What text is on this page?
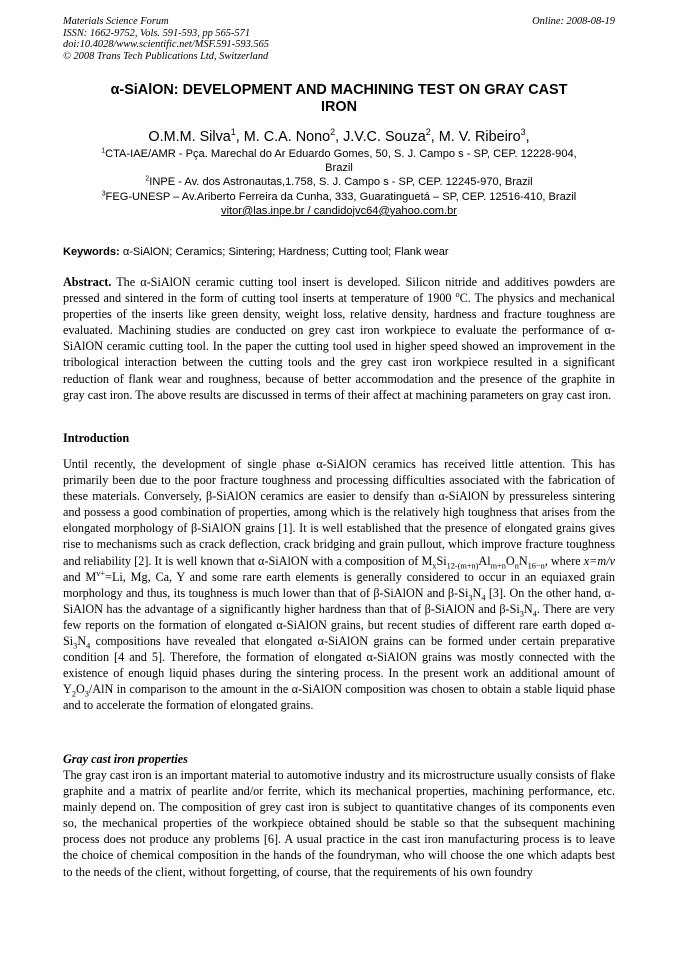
Materials Science Forum
ISSN: 1662-9752, Vols. 591-593, pp 565-571
doi:10.4028/www.scientific.net/MSF.591-593.565
© 2008 Trans Tech Publications Ltd, Switzerland
Online: 2008-08-19
α-SiAlON: DEVELOPMENT AND MACHINING TEST ON GRAY CAST
IRON
O.M.M. Silva$^1$, M. C.A. Nono$^2$, J.V.C. Souza$^2$, M. V. Ribeiro$^3$,
$^1$CTA-IAE/AMR - Pça. Marechal do Ar Eduardo Gomes, 50, S. J. Campo s - SP, CEP. 12228-904,
Brazil
$^2$INPE - Av. dos Astronautas,1.758, S. J. Campo s - SP, CEP. 12245-970, Brazil
$^3$FEG-UNESP – Av.Ariberto Ferreira da Cunha, 333, Guaratinguetá – SP, CEP. 12516-410, Brazil
vitor@las.inpe.br / candidojvc64@yahoo.com.br
Keywords: α-SiAlON; Ceramics; Sintering; Hardness; Cutting tool; Flank wear
Abstract. The α-SiAlON ceramic cutting tool insert is developed. Silicon nitride and additives powders are pressed and sintered in the form of cutting tool inserts at temperature of 1900 $^o$C. The physics and mechanical properties of the inserts like green density, weight loss, relative density, hardness and fracture toughness are evaluated. Machining studies are conducted on grey cast iron workpiece to evaluate the performance of α-SiAlON ceramic cutting tool. In the paper the cutting tool used in higher speed showed an improvement in the tribological interaction between the cutting tools and the grey cast iron workpiece resulted in a significant reduction of flank wear and roughness, because of better accommodation and the presence of the graphite in gray cast iron. The above results are discussed in terms of their affect at machining parameters on gray cast iron.
Introduction
Until recently, the development of single phase α-SiAlON ceramics has received little attention. This has primarily been due to the poor fracture toughness and processing difficulties associated with the fabrication of these materials. Conversely, β-SiAlON ceramics are easier to densify than α-SiAlON by pressureless sintering and possess a good combination of properties, among which is the relatively high toughness that arises from the elongated morphology of β-SiAlON grains [1]. It is well established that the presence of elongated grains gives rise to mechanisms such as crack deflection, crack bridging and grain pullout, which improve fracture toughness and reliability [2]. It is well known that α-SiAlON with a composition of $M_xSi_{12-(m+n)}Al_{m+n}O_nN_{16-n}$, where x=m/v and $M^{v+}=Li$, Mg, Ca, Y and some rare earth elements is generally considered to occur in an equiaxed grain morphology and thus, its toughness is much lower than that of β-SiAlON and $\beta-Si_3N_4$ [3]. On the other hand, α-SiAlON has the advantage of a significantly higher hardness than that of β-SiAlON and $\beta-Si_3N_4$. There are very few reports on the formation of elongated α-SiAlON grains, but recent studies of different rare earth doped $\alpha-Si_3N_4$ compositions have revealed that elongated α-SiAlON grains can be formed under certain preparative condition [4 and 5]. Therefore, the formation of elongated α-SiAlON grains was mostly connected with the existence of enough liquid phases during the sintering process. In the present work an additional amount of $Y_2O_3$/AlN in comparison to the amount in the α-SiAlON composition was chosen to obtain a stable liquid phase and to accelerate the formation of elongated grains.
Gray cast iron properties
The gray cast iron is an important material to automotive industry and its microstructure usually consists of flake graphite and a matrix of pearlite and/or ferrite, which its mechanical properties, machining performance, etc. mainly depend on. The composition of grey cast iron is subject to quantitative changes of its components even so, the mechanical properties of the workpiece obtained should be stable so that the subsequent machining process does not produce any problems [6]. A usual practice in the cast iron manufacturing process is to leave the choice of chemical composition in the hands of the foundryman, who will choose the one which adapts best to the needs of the client, without forgetting, of course, that the requirements of his own foundry
